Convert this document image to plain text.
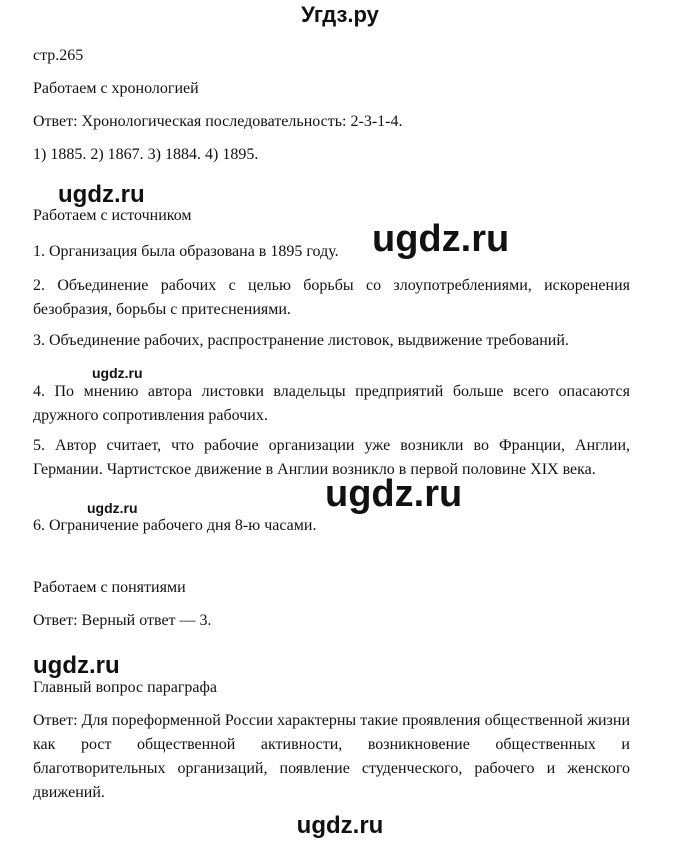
Угдз.ру
стр.265
Работаем с хронологией
Ответ: Хронологическая последовательность: 2-3-1-4.
1) 1885. 2) 1867. 3) 1884. 4) 1895.
ugdz.ru
Работаем с источником
1. Организация была образована в 1895 году. ugdz.ru
2. Объединение рабочих с целью борьбы со злоупотреблениями, искоренения безобразия, борьбы с притеснениями.
3. Объединение рабочих, распространение листовок, выдвижение требований.
ugdz.ru
4. По мнению автора листовки владельцы предприятий больше всего опасаются дружного сопротивления рабочих.
5. Автор считает, что рабочие организации уже возникли во Франции, Англии, Германии. Чартистское движение в Англии возникло в первой половине XIX века.
ugdz.ru
ugdz.ru
6. Ограничение рабочего дня 8-ю часами.
Работаем с понятиями
Ответ: Верный ответ — 3.
ugdz.ru
Главный вопрос параграфа
Ответ: Для пореформенной России характерны такие проявления общественной жизни как рост общественной активности, возникновение общественных и благотворительных организаций, появление студенческого, рабочего и женского движений.
ugdz.ru
